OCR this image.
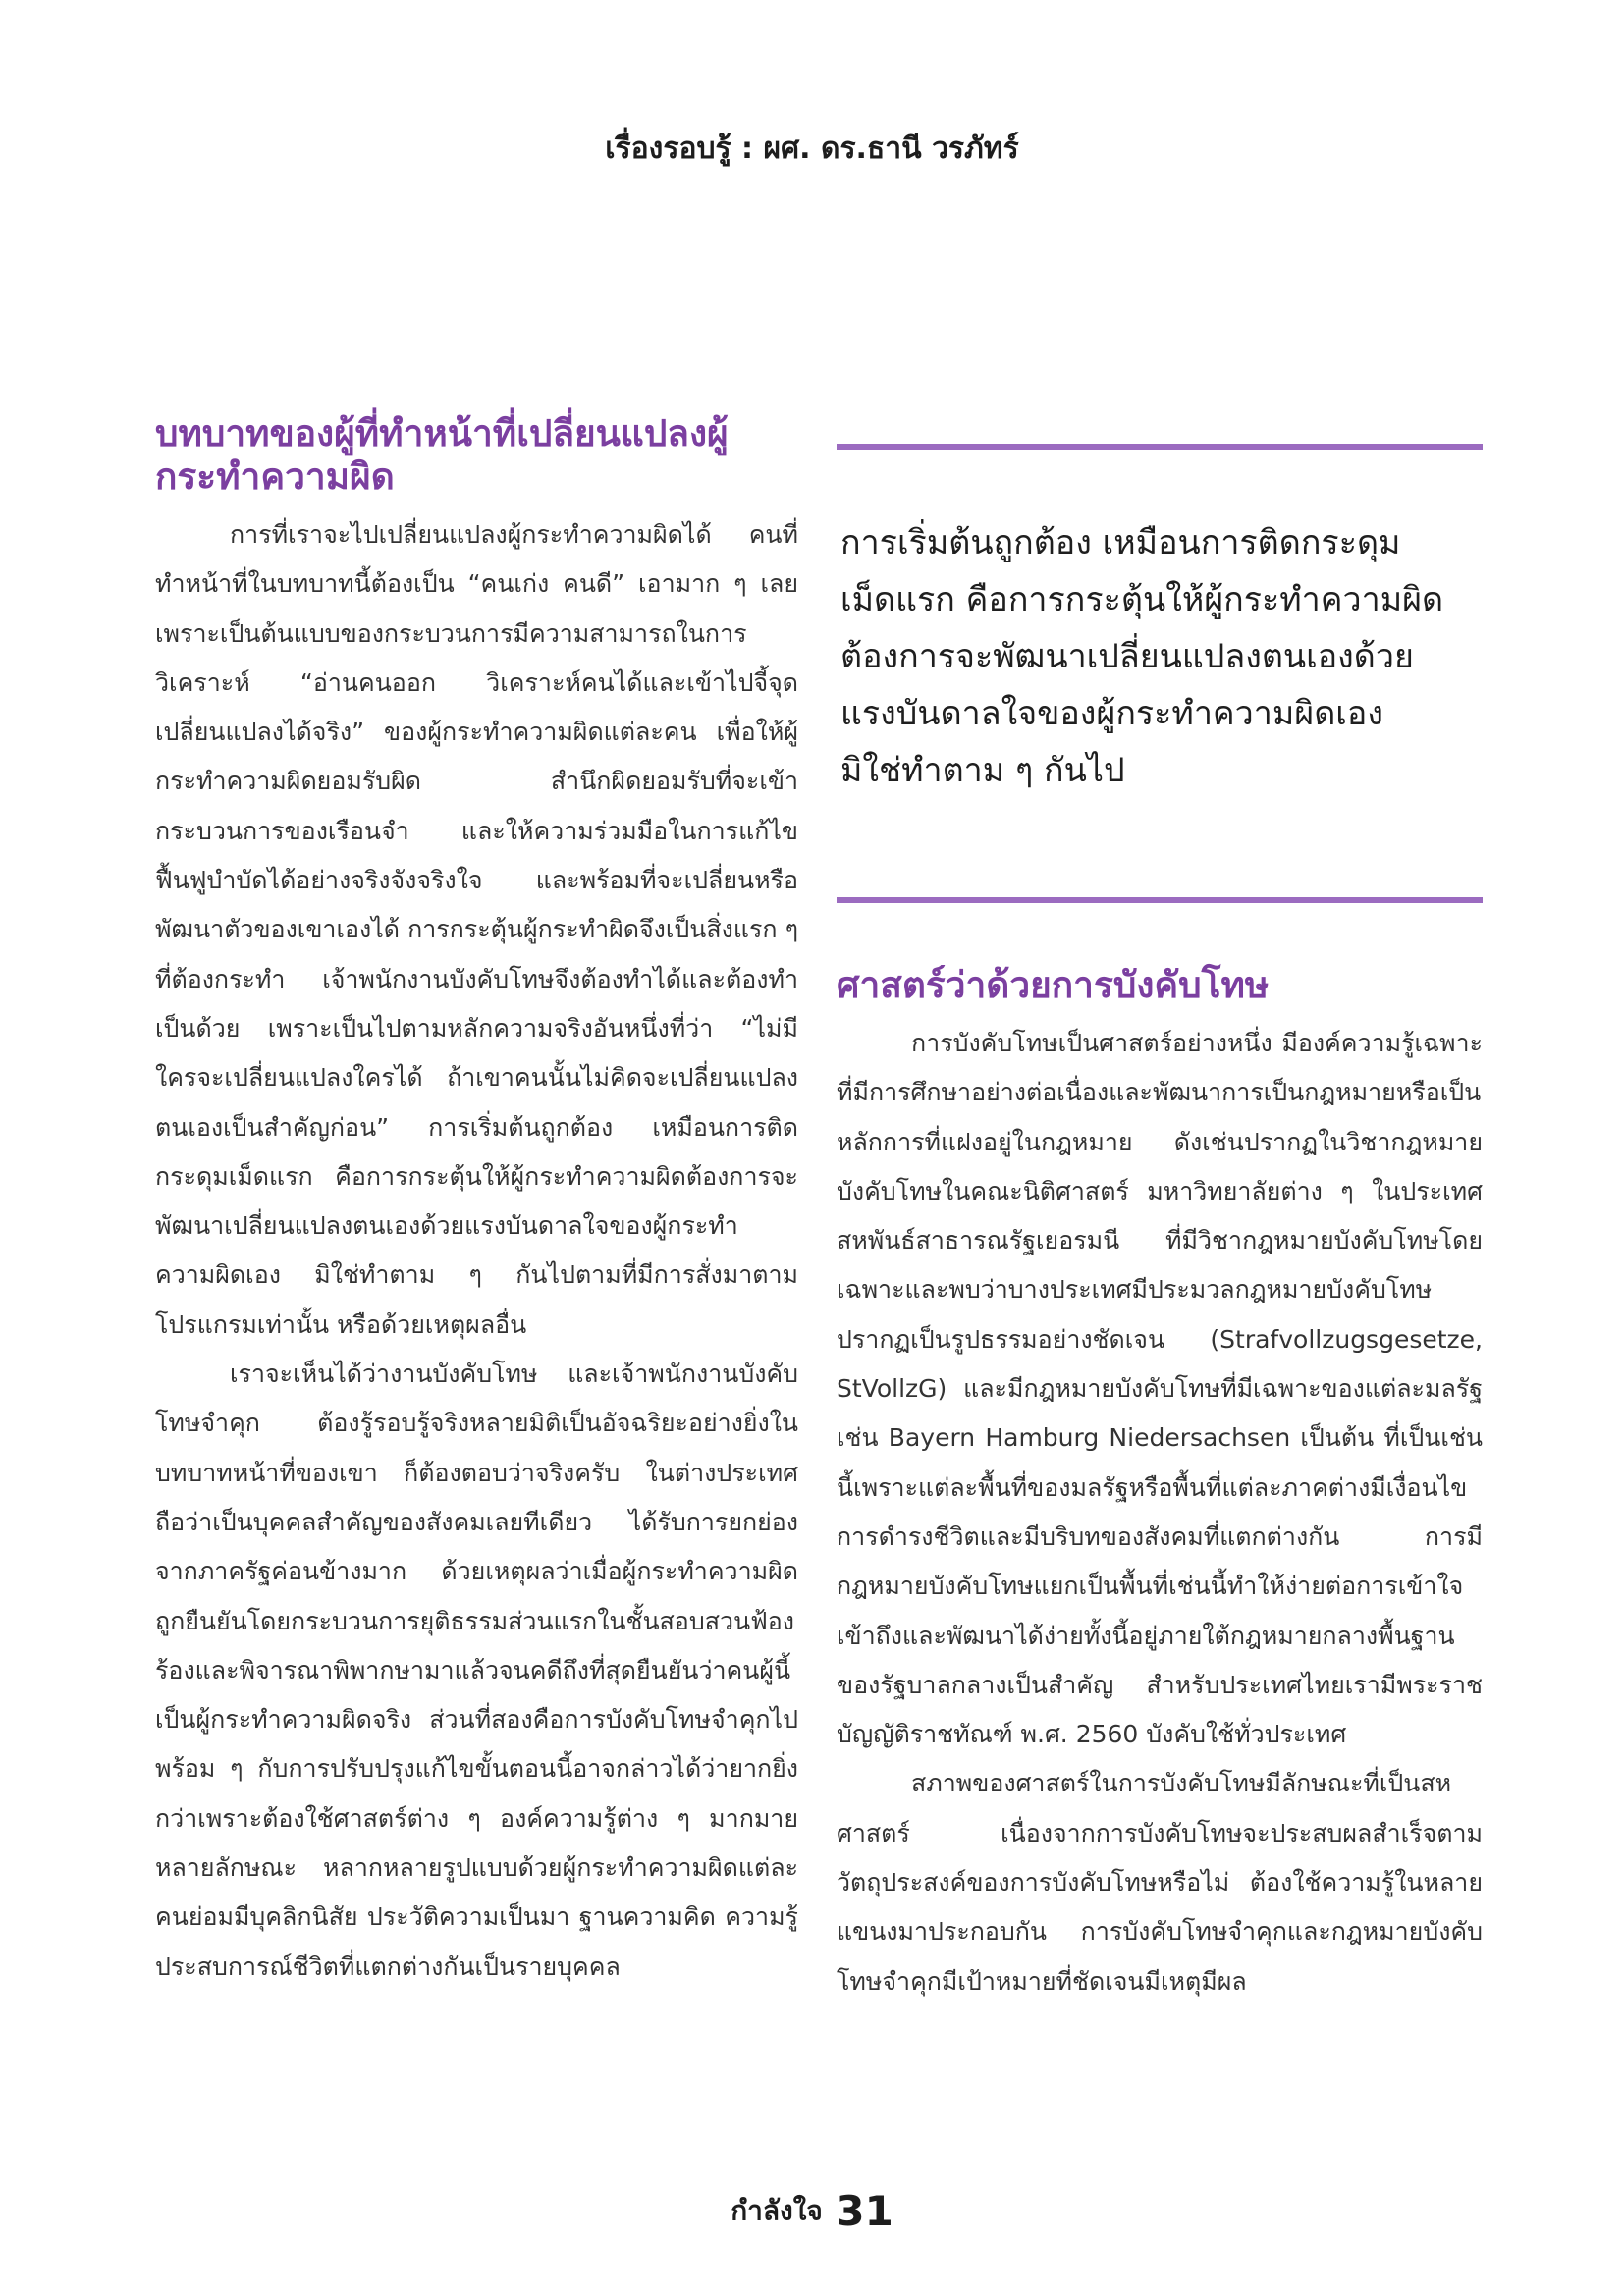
เรื่องรอบรู้ : ผศ. ดร.ธานี วรภัทร์
บทบาทของผู้ที่ทำหน้าที่เปลี่ยนแปลงผู้กระทำความผิด

การที่เราจะไปเปลี่ยนแปลงผู้กระทำความผิดได้ คนที่ทำหน้าที่ในบทบาทนี้ต้องเป็น “คนเก่ง คนดี” เอามาก ๆ เลย เพราะเป็นต้นแบบของกระบวนการมีความสามารถในการวิเคราะห์ “อ่านคนออก วิเคราะห์คนได้และเข้าไปจี้จุดเปลี่ยนแปลงได้จริง” ของผู้กระทำความผิดแต่ละคน เพื่อให้ผู้กระทำความผิดยอมรับผิด สำนึกผิดยอมรับที่จะเข้ากระบวนการของเรือนจำ และให้ความร่วมมือในการแก้ไขฟื้นฟูบำบัดได้อย่างจริงจังจริงใจ และพร้อมที่จะเปลี่ยนหรือพัฒนาตัวของเขาเองได้ การกระตุ้นผู้กระทำผิดจึงเป็นสิ่งแรก ๆ ที่ต้องกระทำ เจ้าพนักงานบังคับโทษจึงต้องทำได้และต้องทำเป็นด้วย เพราะเป็นไปตามหลักความจริงอันหนึ่งที่ว่า “ไม่มีใครจะเปลี่ยนแปลงใครได้ ถ้าเขาคนนั้นไม่คิดจะเปลี่ยนแปลงตนเองเป็นสำคัญก่อน” การเริ่มต้นถูกต้อง เหมือนการติดกระดุมเม็ดแรก คือการกระตุ้นให้ผู้กระทำความผิดต้องการจะพัฒนาเปลี่ยนแปลงตนเองด้วยแรงบันดาลใจของผู้กระทำความผิดเอง มิใช่ทำตาม ๆ กันไปตามที่มีการสั่งมาตามโปรแกรมเท่านั้น หรือด้วยเหตุผลอื่น

เราจะเห็นได้ว่างานบังคับโทษ และเจ้าพนักงานบังคับโทษจำคุก ต้องรู้รอบรู้จริงหลายมิติเป็นอัจฉริยะอย่างยิ่งในบทบาทหน้าที่ของเขา ก็ต้องตอบว่าจริงครับ ในต่างประเทศถือว่าเป็นบุคคลสำคัญของสังคมเลยทีเดียว ได้รับการยกย่องจากภาครัฐค่อนข้างมาก ด้วยเหตุผลว่าเมื่อผู้กระทำความผิดถูกยืนยันโดยกระบวนการยุติธรรมส่วนแรกในชั้นสอบสวนฟ้องร้องและพิจารณาพิพากษามาแล้วจนคดีถึงที่สุดยืนยันว่าคนผู้นี้เป็นผู้กระทำความผิดจริง ส่วนที่สองคือการบังคับโทษจำคุกไปพร้อม ๆ กับการปรับปรุงแก้ไขขั้นตอนนี้อาจกล่าวได้ว่ายากยิ่งกว่าเพราะต้องใช้ศาสตร์ต่าง ๆ องค์ความรู้ต่าง ๆ มากมายหลายลักษณะ หลากหลายรูปแบบด้วยผู้กระทำความผิดแต่ละคนย่อมมีบุคลิกนิสัย ประวัติความเป็นมา ฐานความคิด ความรู้ ประสบการณ์ชีวิตที่แตกต่างกันเป็นรายบุคคล

การเริ่มต้นถูกต้อง เหมือนการติดกระดุม

เม็ดแรก คือการกระตุ้นให้ผู้กระทำความผิด

ต้องการจะพัฒนาเปลี่ยนแปลงตนเองด้วย

แรงบันดาลใจของผู้กระทำความผิดเอง

มิใช่ทำตาม ๆ กันไป

ศาสตร์ว่าด้วยการบังคับโทษ

การบังคับโทษเป็นศาสตร์อย่างหนึ่ง มีองค์ความรู้เฉพาะที่มีการศึกษาอย่างต่อเนื่องและพัฒนาการเป็นกฎหมายหรือเป็นหลักการที่แฝงอยู่ในกฎหมาย ดังเช่นปรากฏในวิชากฎหมายบังคับโทษในคณะนิติศาสตร์ มหาวิทยาลัยต่าง ๆ ในประเทศสหพันธ์สาธารณรัฐเยอรมนี ที่มีวิชากฎหมายบังคับโทษโดยเฉพาะและพบว่าบางประเทศมีประมวลกฎหมายบังคับโทษ ปรากฏเป็นรูปธรรมอย่างชัดเจน (Strafvollzugsgesetze, StVollzG) และมีกฎหมายบังคับโทษที่มีเฉพาะของแต่ละมลรัฐ เช่น Bayern Hamburg Niedersachsen เป็นต้น ที่เป็นเช่นนี้เพราะแต่ละพื้นที่ของมลรัฐหรือพื้นที่แต่ละภาคต่างมีเงื่อนไขการดำรงชีวิตและมีบริบทของสังคมที่แตกต่างกัน การมีกฎหมายบังคับโทษแยกเป็นพื้นที่เช่นนี้ทำให้ง่ายต่อการเข้าใจเข้าถึงและพัฒนาได้ง่ายทั้งนี้อยู่ภายใต้กฎหมายกลางพื้นฐานของรัฐบาลกลางเป็นสำคัญ สำหรับประเทศไทยเรามีพระราชบัญญัติราชทัณฑ์ พ.ศ. 2560 บังคับใช้ทั่วประเทศ

สภาพของศาสตร์ในการบังคับโทษมีลักษณะที่เป็นสหศาสตร์ เนื่องจากการบังคับโทษจะประสบผลสำเร็จตามวัตถุประสงค์ของการบังคับโทษหรือไม่ ต้องใช้ความรู้ในหลายแขนงมาประกอบกัน การบังคับโทษจำคุกและกฎหมายบังคับโทษจำคุกมีเป้าหมายที่ชัดเจนมีเหตุมีผล

กำลังใจ 31
